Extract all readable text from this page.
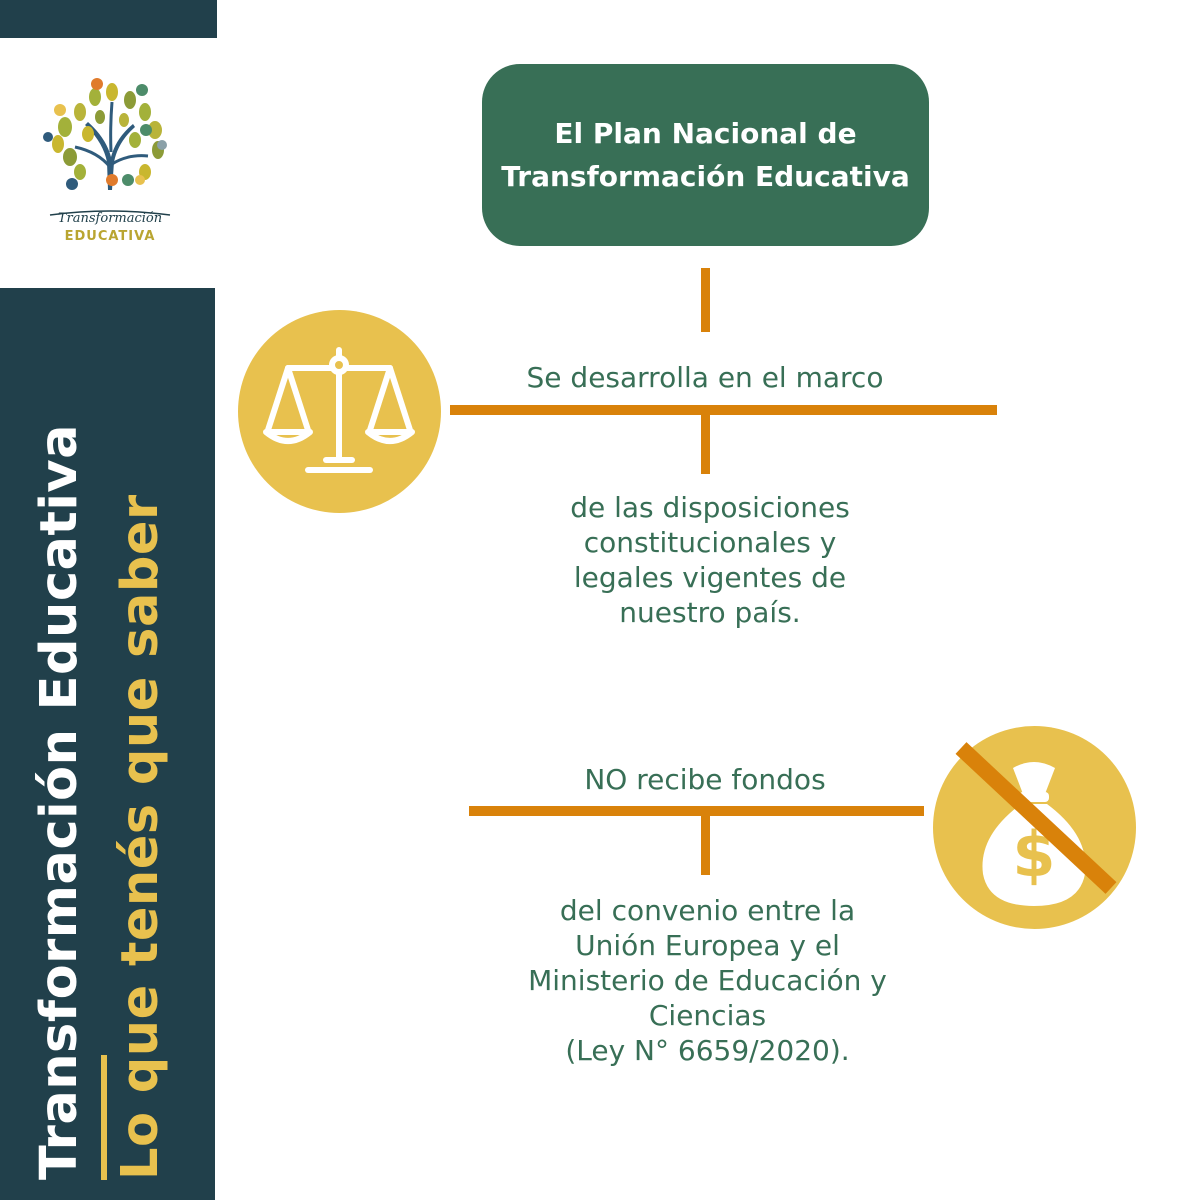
Transformación
EDUCATIVA
Transformación Educativa Lo que tenés que saber
El Plan Nacional de Transformación Educativa
Se desarrolla en el marco
de las disposiciones
constitucionales y
legales vigentes de
nuestro país.
NO recibe fondos
del convenio entre la
Unión Europea y el
Ministerio de Educación y
Ciencias
(Ley N° 6659/2020).
$
